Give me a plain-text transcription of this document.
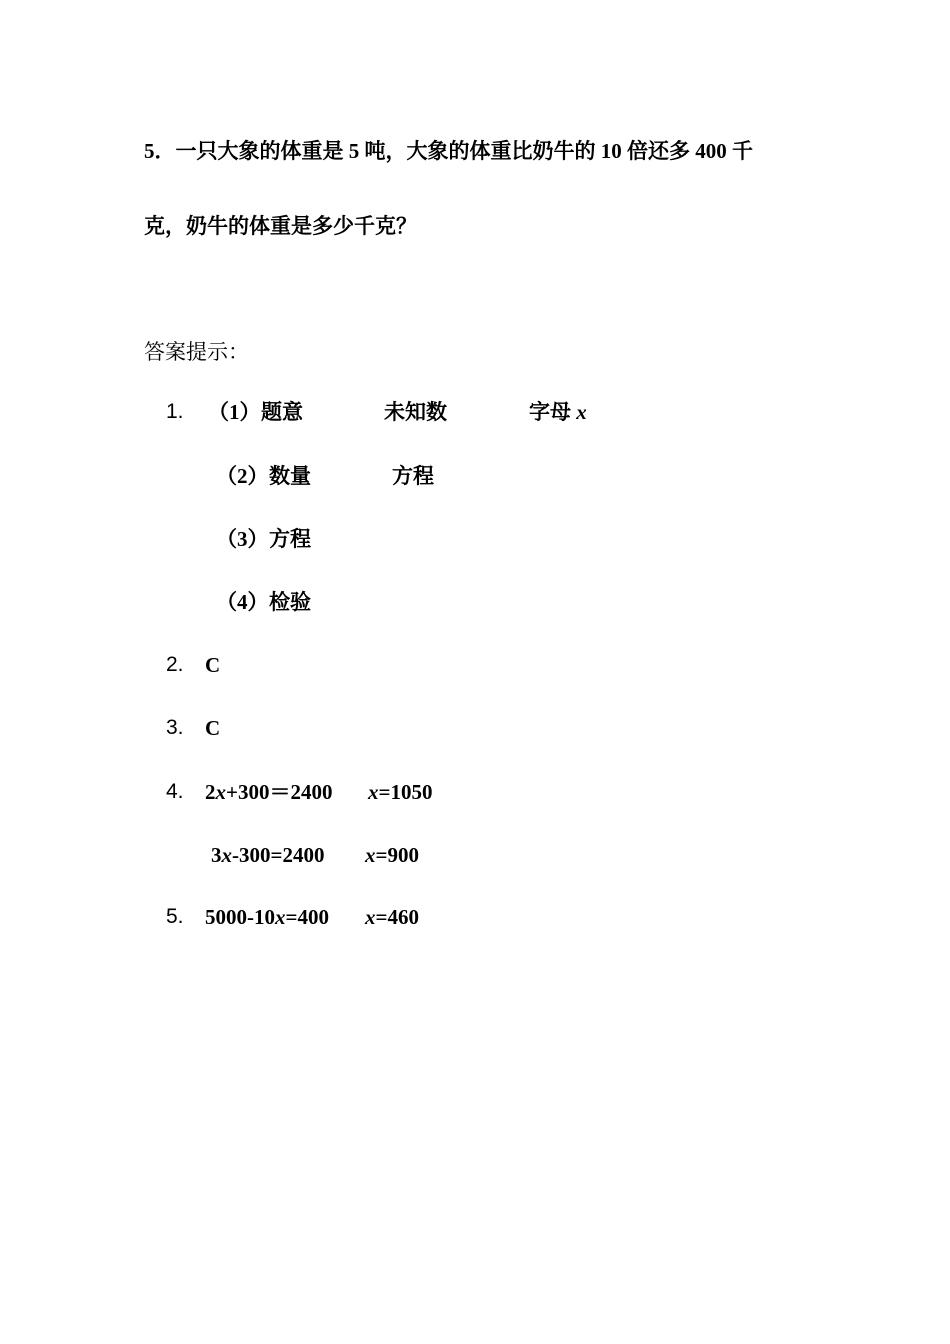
5．一只大象的体重是 5 吨，大象的体重比奶牛的 10 倍还多 400 千
克，奶牛的体重是多少千克？
答案提示：
1. （1） 题意	未知数	字母 x
（2） 数量	方程
（3） 方程
（4） 检验
2. C
3. C
4. 2x+300＝2400 x=1050
3x-300=2400 x=900
5. 5000-10x=400 x=460
